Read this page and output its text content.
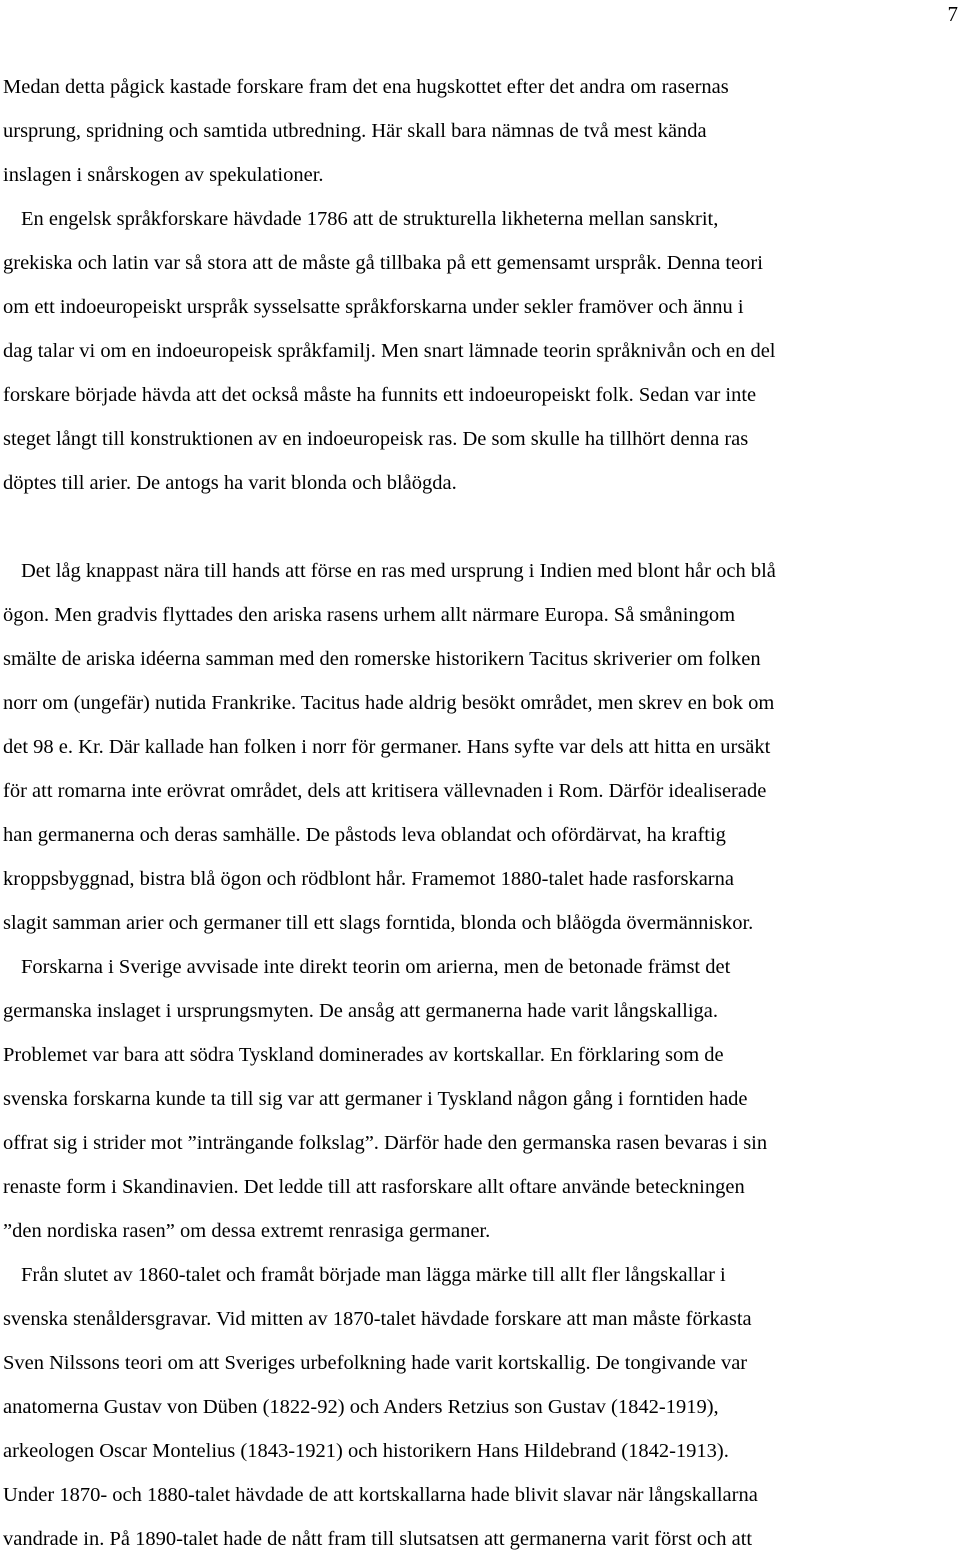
7
Medan detta pågick kastade forskare fram det ena hugskottet efter det andra om rasernas
ursprung, spridning och samtida utbredning. Här skall bara nämnas de två mest kända
inslagen i snårskogen av spekulationer.
En engelsk språkforskare hävdade 1786 att de strukturella likheterna mellan sanskrit,
grekiska och latin var så stora att de måste gå tillbaka på ett gemensamt urspråk. Denna teori
om ett indoeuropeiskt urspråk sysselsatte språkforskarna under sekler framöver och ännu i
dag talar vi om en indoeuropeisk språkfamilj. Men snart lämnade teorin språknivån och en del
forskare började hävda att det också måste ha funnits ett indoeuropeiskt folk. Sedan var inte
steget långt till konstruktionen av en indoeuropeisk ras. De som skulle ha tillhört denna ras
döptes till arier. De antogs ha varit blonda och blåögda.
Det låg knappast nära till hands att förse en ras med ursprung i Indien med blont hår och blå
ögon. Men gradvis flyttades den ariska rasens urhem allt närmare Europa. Så småningom
smälte de ariska idéerna samman med den romerske historikern Tacitus skriverier om folken
norr om (ungefär) nutida Frankrike. Tacitus hade aldrig besökt området, men skrev en bok om
det 98 e. Kr. Där kallade han folken i norr för germaner. Hans syfte var dels att hitta en ursäkt
för att romarna inte erövrat området, dels att kritisera vällevnaden i Rom. Därför idealiserade
han germanerna och deras samhälle. De påstods leva oblandat och ofördärvat, ha kraftig
kroppsbyggnad, bistra blå ögon och rödblont hår. Framemot 1880-talet hade rasforskarna
slagit samman arier och germaner till ett slags forntida, blonda och blåögda övermänniskor.
Forskarna i Sverige avvisade inte direkt teorin om arierna, men de betonade främst det
germanska inslaget i ursprungsmyten. De ansåg att germanerna hade varit långskalliga.
Problemet var bara att södra Tyskland dominerades av kortskallar. En förklaring som de
svenska forskarna kunde ta till sig var att germaner i Tyskland någon gång i forntiden hade
offrat sig i strider mot ”inträngande folkslag”. Därför hade den germanska rasen bevaras i sin
renaste form i Skandinavien. Det ledde till att rasforskare allt oftare använde beteckningen
”den nordiska rasen” om dessa extremt renrasiga germaner.
Från slutet av 1860-talet och framåt började man lägga märke till allt fler långskallar i
svenska stenåldersgravar. Vid mitten av 1870-talet hävdade forskare att man måste förkasta
Sven Nilssons teori om att Sveriges urbefolkning hade varit kortskallig. De tongivande var
anatomerna Gustav von Düben (1822-92) och Anders Retzius son Gustav (1842-1919),
arkeologen Oscar Montelius (1843-1921) och historikern Hans Hildebrand (1842-1913).
Under 1870- och 1880-talet hävdade de att kortskallarna hade blivit slavar när långskallarna
vandrade in. På 1890-talet hade de nått fram till slutsatsen att germanerna varit först och att
